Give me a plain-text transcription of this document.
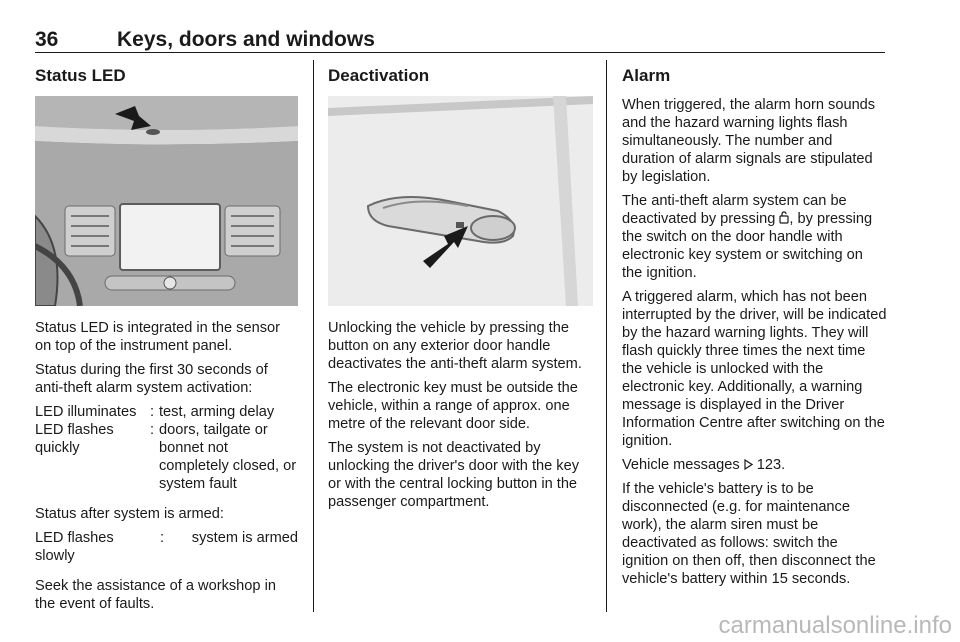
36	Keys, doors and windows
Status LED

Status LED is integrated in the sensor on top of the instrument panel.

Status during the first 30 seconds of anti-theft alarm system activation:

LED illuminates	:	test, arming delay
LED flashes quickly	:	doors, tailgate or bonnet not completely closed, or system fault

Status after system is armed:

LED flashes slowly	:	system is armed

Seek the assistance of a workshop in the event of faults.

Deactivation

Unlocking the vehicle by pressing the button on any exterior door handle deactivates the anti-theft alarm system.

The electronic key must be outside the vehicle, within a range of approx. one metre of the relevant door side.

The system is not deactivated by unlocking the driver's door with the key or with the central locking button in the passenger compartment.

Alarm

When triggered, the alarm horn sounds and the hazard warning lights flash simultaneously. The number and duration of alarm signals are stipulated by legislation.

The anti-theft alarm system can be deactivated by pressing , by pressing the switch on the door handle with electronic key system or switching on the ignition.

A triggered alarm, which has not been interrupted by the driver, will be indicated by the hazard warning lights. They will flash quickly three times the next time the vehicle is unlocked with the electronic key. Additionally, a warning message is displayed in the Driver Information Centre after switching on the ignition.

Vehicle messages  123.

If the vehicle's battery is to be disconnected (e.g. for maintenance work), the alarm siren must be deactivated as follows: switch the ignition on then off, then disconnect the vehicle's battery within 15 seconds.

carmanualsonline.info
